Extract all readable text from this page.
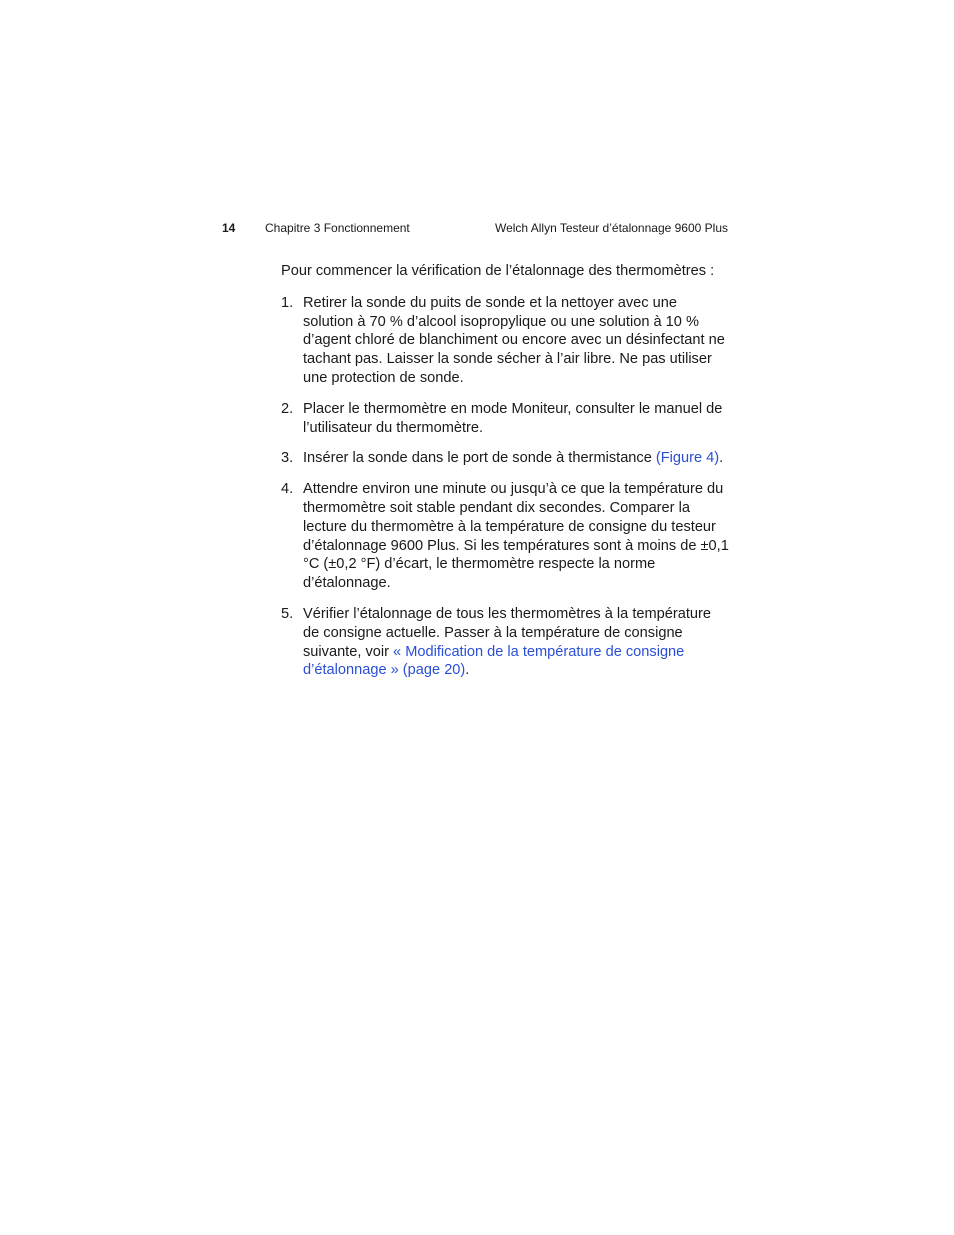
14 Chapitre 3 Fonctionnement	Welch Allyn Testeur d’étalonnage 9600 Plus

Pour commencer la vérification de l’étalonnage des thermomètres :

1. Retirer la sonde du puits de sonde et la nettoyer avec une solution à 70 % d’alcool isopropylique ou une solution à 10 % d’agent chloré de blanchiment ou encore avec un désinfectant ne tachant pas. Laisser la sonde sécher à l’air libre. Ne pas utiliser une protection de sonde.
2. Placer le thermomètre en mode Moniteur, consulter le manuel de l’utilisateur du thermomètre.
3. Insérer la sonde dans le port de sonde à thermistance (Figure 4).
4. Attendre environ une minute ou jusqu’à ce que la température du thermomètre soit stable pendant dix secondes. Comparer la lecture du thermomètre à la température de consigne du testeur d’étalonnage 9600 Plus. Si les températures sont à moins de ±0,1 °C (±0,2 °F) d’écart, le thermomètre respecte la norme d’étalonnage.
5. Vérifier l’étalonnage de tous les thermomètres à la température de consigne actuelle. Passer à la température de consigne suivante, voir « Modification de la température de consigne d’étalonnage » (page 20).
